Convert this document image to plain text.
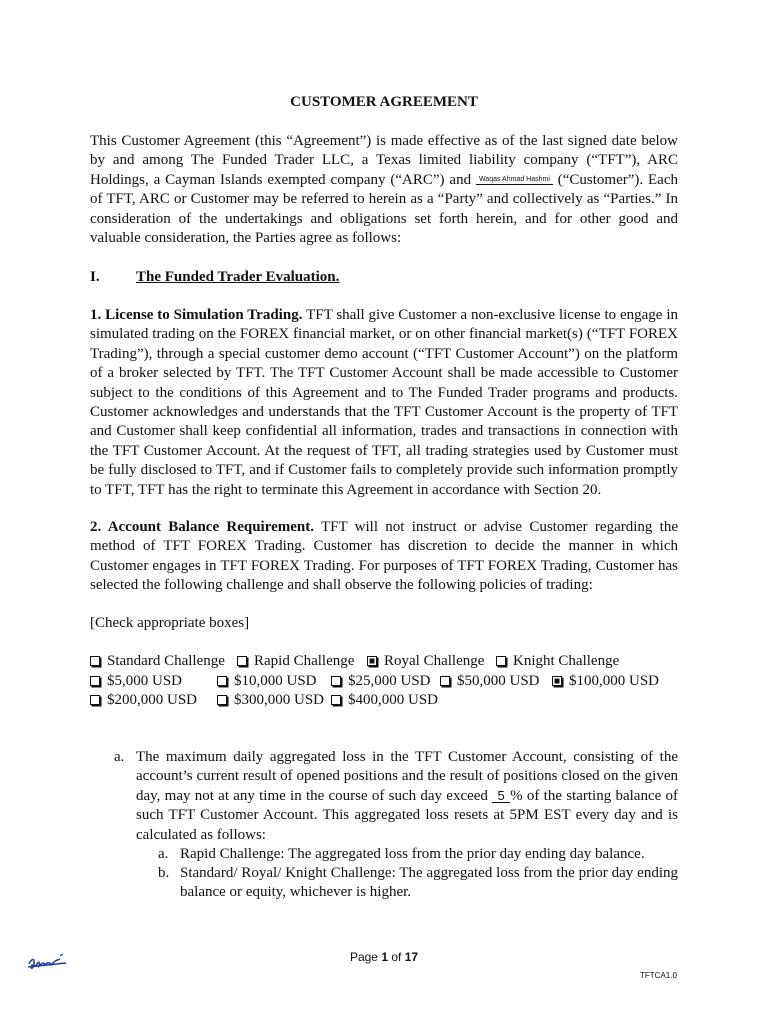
CUSTOMER AGREEMENT
This Customer Agreement (this “Agreement”) is made effective as of the last signed date below by and among The Funded Trader LLC, a Texas limited liability company (“TFT”), ARC Holdings, a Cayman Islands exempted company (“ARC”) and Waqas Ahmad Hashmi (“Customer”). Each of TFT, ARC or Customer may be referred to herein as a “Party” and collectively as “Parties.” In consideration of the undertakings and obligations set forth herein, and for other good and valuable consideration, the Parties agree as follows:
I. The Funded Trader Evaluation.
1. License to Simulation Trading. TFT shall give Customer a non-exclusive license to engage in simulated trading on the FOREX financial market, or on other financial market(s) (“TFT FOREX Trading”), through a special customer demo account (“TFT Customer Account”) on the platform of a broker selected by TFT. The TFT Customer Account shall be made accessible to Customer subject to the conditions of this Agreement and to The Funded Trader programs and products. Customer acknowledges and understands that the TFT Customer Account is the property of TFT and Customer shall keep confidential all information, trades and transactions in connection with the TFT Customer Account. At the request of TFT, all trading strategies used by Customer must be fully disclosed to TFT, and if Customer fails to completely provide such information promptly to TFT, TFT has the right to terminate this Agreement in accordance with Section 20.
2. Account Balance Requirement. TFT will not instruct or advise Customer regarding the method of TFT FOREX Trading. Customer has discretion to decide the manner in which Customer engages in TFT FOREX Trading. For purposes of TFT FOREX Trading, Customer has selected the following challenge and shall observe the following policies of trading:
[Check appropriate boxes]
Standard Challenge	Rapid Challenge	Royal Challenge	Knight Challenge
$5,000 USD	$10,000 USD	$25,000 USD	$50,000 USD	$100,000 USD
$200,000 USD	$300,000 USD	$400,000 USD
a. The maximum daily aggregated loss in the TFT Customer Account, consisting of the account’s current result of opened positions and the result of positions closed on the given day, may not at any time in the course of such day exceed 5 % of the starting balance of such TFT Customer Account. This aggregated loss resets at 5PM EST every day and is calculated as follows:
a. Rapid Challenge: The aggregated loss from the prior day ending day balance.
b. Standard/ Royal/ Knight Challenge: The aggregated loss from the prior day ending balance or equity, whichever is higher.
Page 1 of 17
TFTCA1.0
